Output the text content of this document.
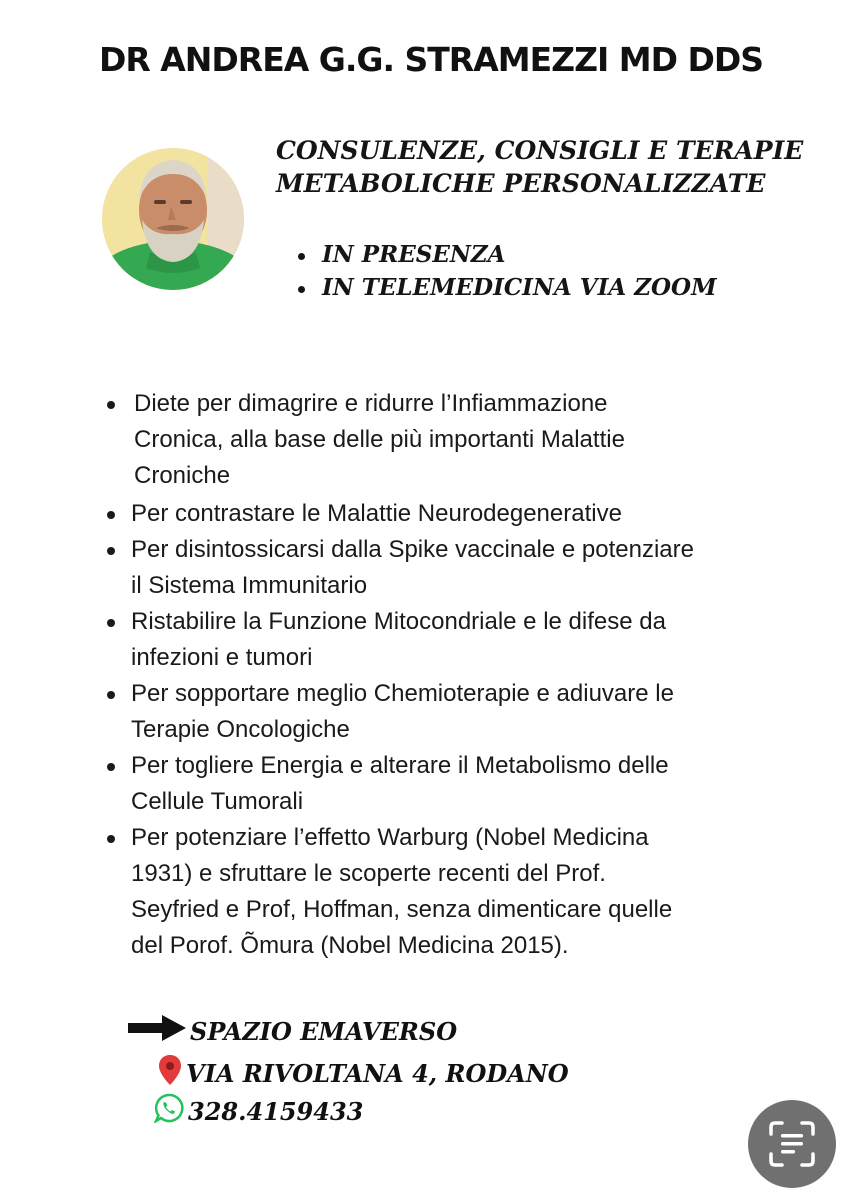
DR ANDREA G.G. STRAMEZZI MD DDS
CONSULENZE, CONSIGLI E TERAPIE
METABOLICHE PERSONALIZZATE
IN PRESENZA
IN TELEMEDICINA VIA ZOOM
Diete per dimagrire e ridurre l’Infiammazione
Cronica, alla base delle più importanti Malattie
Croniche
Per contrastare le Malattie Neurodegenerative
Per disintossicarsi dalla Spike vaccinale e potenziare
il Sistema Immunitario
Ristabilire la Funzione Mitocondriale e le difese da
infezioni e tumori
Per sopportare meglio Chemioterapie e adiuvare le
Terapie Oncologiche
Per togliere Energia e alterare il Metabolismo delle
Cellule Tumorali
Per potenziare l’effetto Warburg (Nobel Medicina
1931) e sfruttare le scoperte recenti del Prof.
Seyfried e Prof, Hoffman, senza dimenticare quelle
del Porof. Õmura (Nobel Medicina 2015).
SPAZIO EMAVERSO
VIA RIVOLTANA 4, RODANO
328.4159433
